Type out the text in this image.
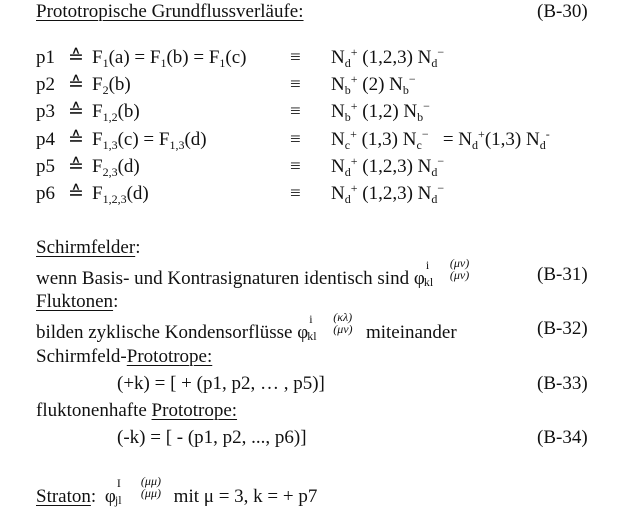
Prototropische Grundflussverläufe:	(B-30)
p1 ≙ $F_1(a) = F_1(b) = F_1(c) \equiv N_d^+$ (1,2,3) $N_d^-$
p2 ≙ $F_2(b)$	≡ $N_b^+$ (2) $N_b^-$
p3 ≙ $F_{1,2}(b)$	≡ $N_b^+$ (1,2) $N_b^-$
p4 ≙ $F_{1,3}(c) = F_{1,3}(d)$	≡ $N_c^+$ (1,3) $N_c^- = N_d^+(1,3)$ $N_d^-$
p5 ≙ $F_{2,3}(d)$	≡ $N_d^+$ (1,2,3) $N_d^-$
p6 ≙ $F_{1,2,3}(d)$	≡ $N_d^+$ (1,2,3) $N_d^-$
Schirmfelder:
wenn Basis- und Kontrasignaturen identisch sind φ
i
kl
(μν)
(μν)	(B-31)
Fluktonen:
bilden zyklische Kondensorflüsse φ
i
kl
(κλ)
(μν) miteinander	(B-32)
Schirmfeld-Prototrope:
(+k) = [ + (p1, p2, … , p5)]	(B-33)
fluktonenhafte Prototrope:
(-k) = [ - (p1, p2, ..., p6)]	(B-34)
Straton: φ
I
jl
(μμ)
(μμ) mit μ = 3, k = + p7
